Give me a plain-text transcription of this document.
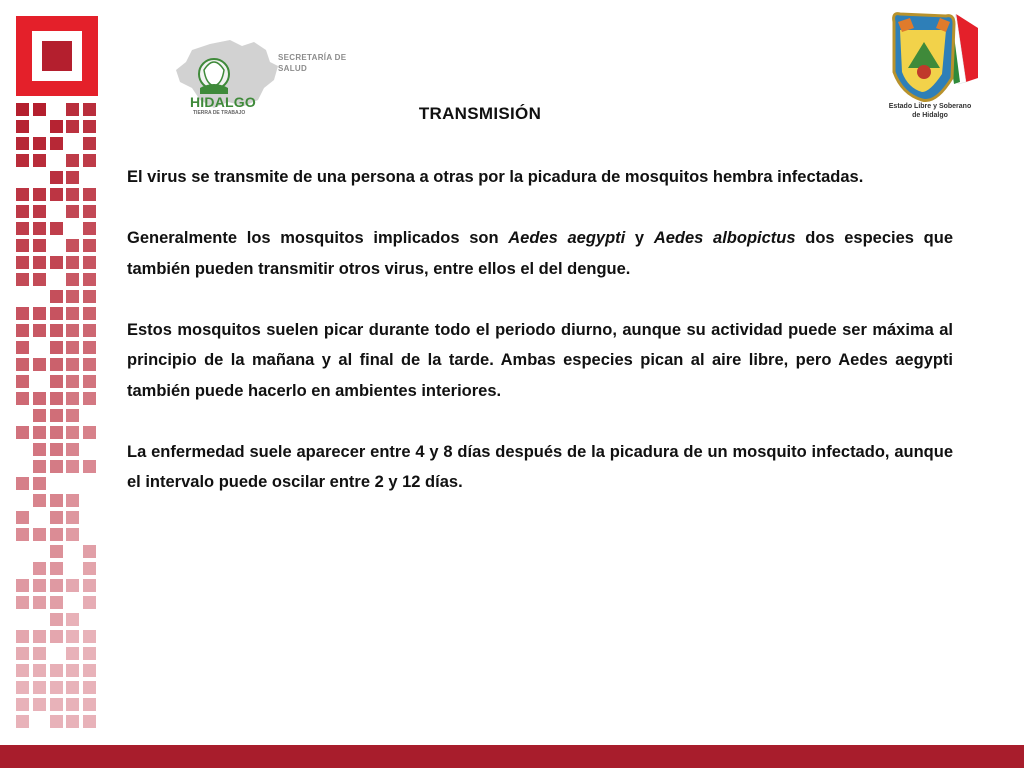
SECRETARÍA DE
SALUD
HIDALGO
TIERRA DE TRABAJO
Estado Libre y Soberano
de Hidalgo
TRANSMISIÓN

El virus se transmite de una persona a otras por la picadura de mosquitos hembra infectadas.

Generalmente los mosquitos implicados son Aedes aegypti y Aedes albopictus dos especies que también pueden transmitir otros virus, entre ellos el del dengue.

Estos mosquitos suelen picar durante todo el periodo diurno, aunque su actividad puede ser máxima al principio de la mañana y al final de la tarde. Ambas especies pican al aire libre, pero Aedes aegypti también puede hacerlo en ambientes interiores.

La enfermedad suele aparecer entre 4 y 8 días después de la picadura de un mosquito infectado, aunque el intervalo puede oscilar entre 2 y 12 días.
